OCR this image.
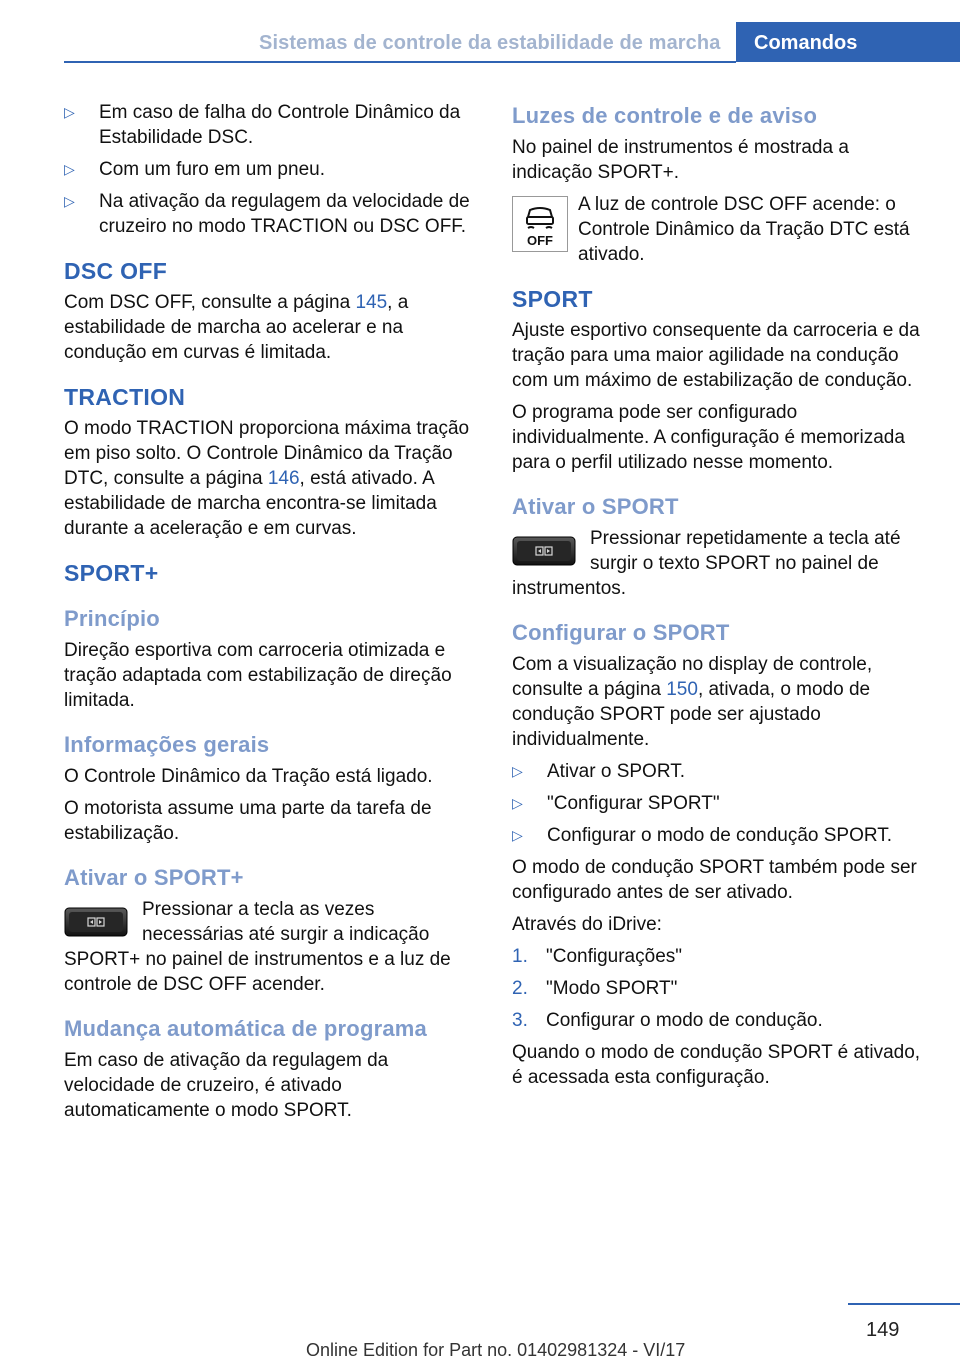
Sistemas de controle da estabilidade de marcha Comandos
▷	Em caso de falha do Controle Dinâmico da Estabilidade DSC.
▷	Com um furo em um pneu.
▷	Na ativação da regulagem da velocidade de cruzeiro no modo TRACTION ou DSC OFF.
DSC OFF

Com DSC OFF, consulte a página 145, a estabilidade de marcha ao acelerar e na condução em curvas é limitada.

TRACTION

O modo TRACTION proporciona máxima tração em piso solto. O Controle Dinâmico da Tração DTC, consulte a página 146, está ativado. A estabilidade de marcha encontra-se limitada durante a aceleração e em curvas.

SPORT+
Princípio

Direção esportiva com carroceria otimizada e tração adaptada com estabilização de direção limitada.

Informações gerais

O Controle Dinâmico da Tração está ligado.

O motorista assume uma parte da tarefa de estabilização.

Ativar o SPORT+

Pressionar a tecla as vezes necessárias até surgir a indicação SPORT+ no painel de instrumentos e a luz de controle de DSC OFF acender.

Mudança automática de programa

Em caso de ativação da regulagem da velocidade de cruzeiro, é ativado automaticamente o modo SPORT.

Luzes de controle e de aviso

No painel de instrumentos é mostrada a indicação SPORT+.

OFF

A luz de controle DSC OFF acende: o Controle Dinâmico da Tração DTC está ativado.

SPORT

Ajuste esportivo consequente da carroceria e da tração para uma maior agilidade na condução com um máximo de estabilização de condução.

O programa pode ser configurado individualmente. A configuração é memorizada para o perfil utilizado nesse momento.

Ativar o SPORT

Pressionar repetidamente a tecla até surgir o texto SPORT no painel de instrumentos.

Configurar o SPORT

Com a visualização no display de controle, consulte a página 150, ativada, o modo de condução SPORT pode ser ajustado individualmente.

▷	Ativar o SPORT.
▷	"Configurar SPORT"
▷	Configurar o modo de condução SPORT.

O modo de condução SPORT também pode ser configurado antes de ser ativado.

Através do iDrive:

1. "Configurações"
2. "Modo SPORT"
3. Configurar o modo de condução.

Quando o modo de condução SPORT é ativado, é acessada esta configuração.

149
Online Edition for Part no. 01402981324 - VI/17
